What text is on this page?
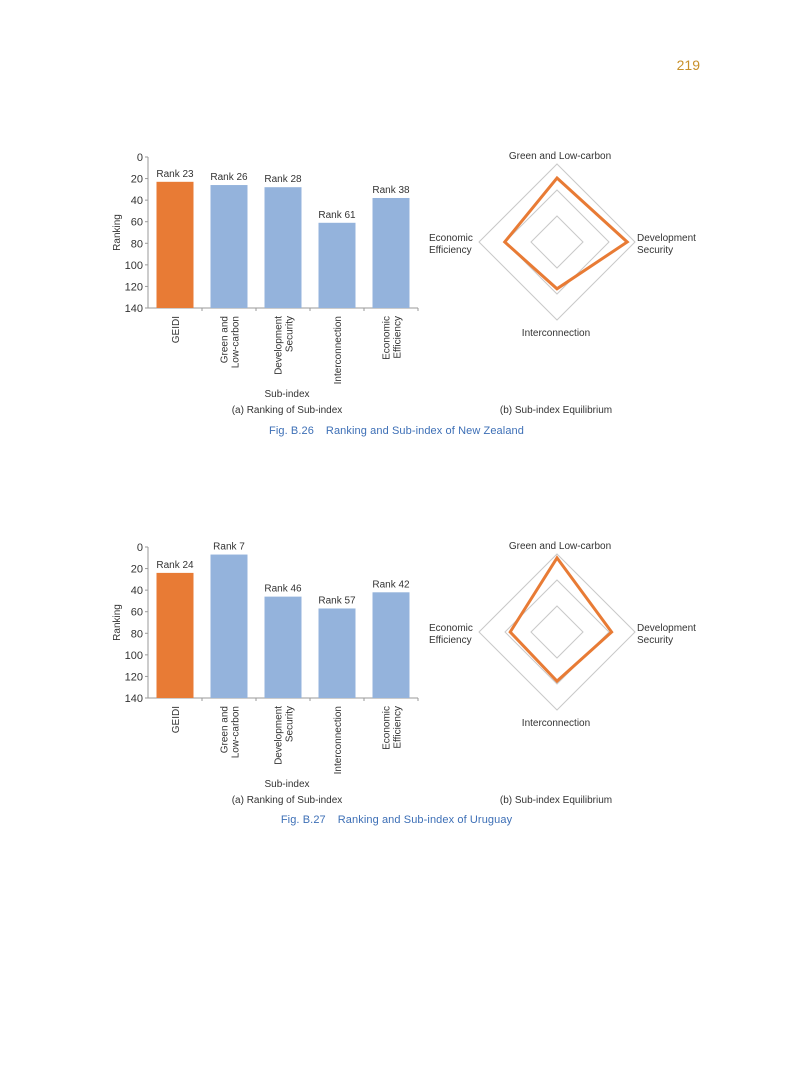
219
0
20
40
60
80
100
120
140
Ranking
Rank 23
GEIDI
Rank 26
Green andLow-carbon
Rank 28
DevelopmentSecurity
Rank 61
Interconnection
Rank 38
EconomicEfficiency
Sub-index
(a) Ranking of Sub-index
Green and Low-carbon
Development Security
Interconnection
Economic Efficiency
(b) Sub-index Equilibrium
Fig. B.26 Ranking and Sub-index of New Zealand
0
20
40
60
80
100
120
140
Ranking
Rank 24
GEIDI
Rank 7
Green andLow-carbon
Rank 46
DevelopmentSecurity
Rank 57
Interconnection
Rank 42
EconomicEfficiency
Sub-index
(a) Ranking of Sub-index
Green and Low-carbon
Development Security
Interconnection
Economic Efficiency
(b) Sub-index Equilibrium
Fig. B.27 Ranking and Sub-index of Uruguay
